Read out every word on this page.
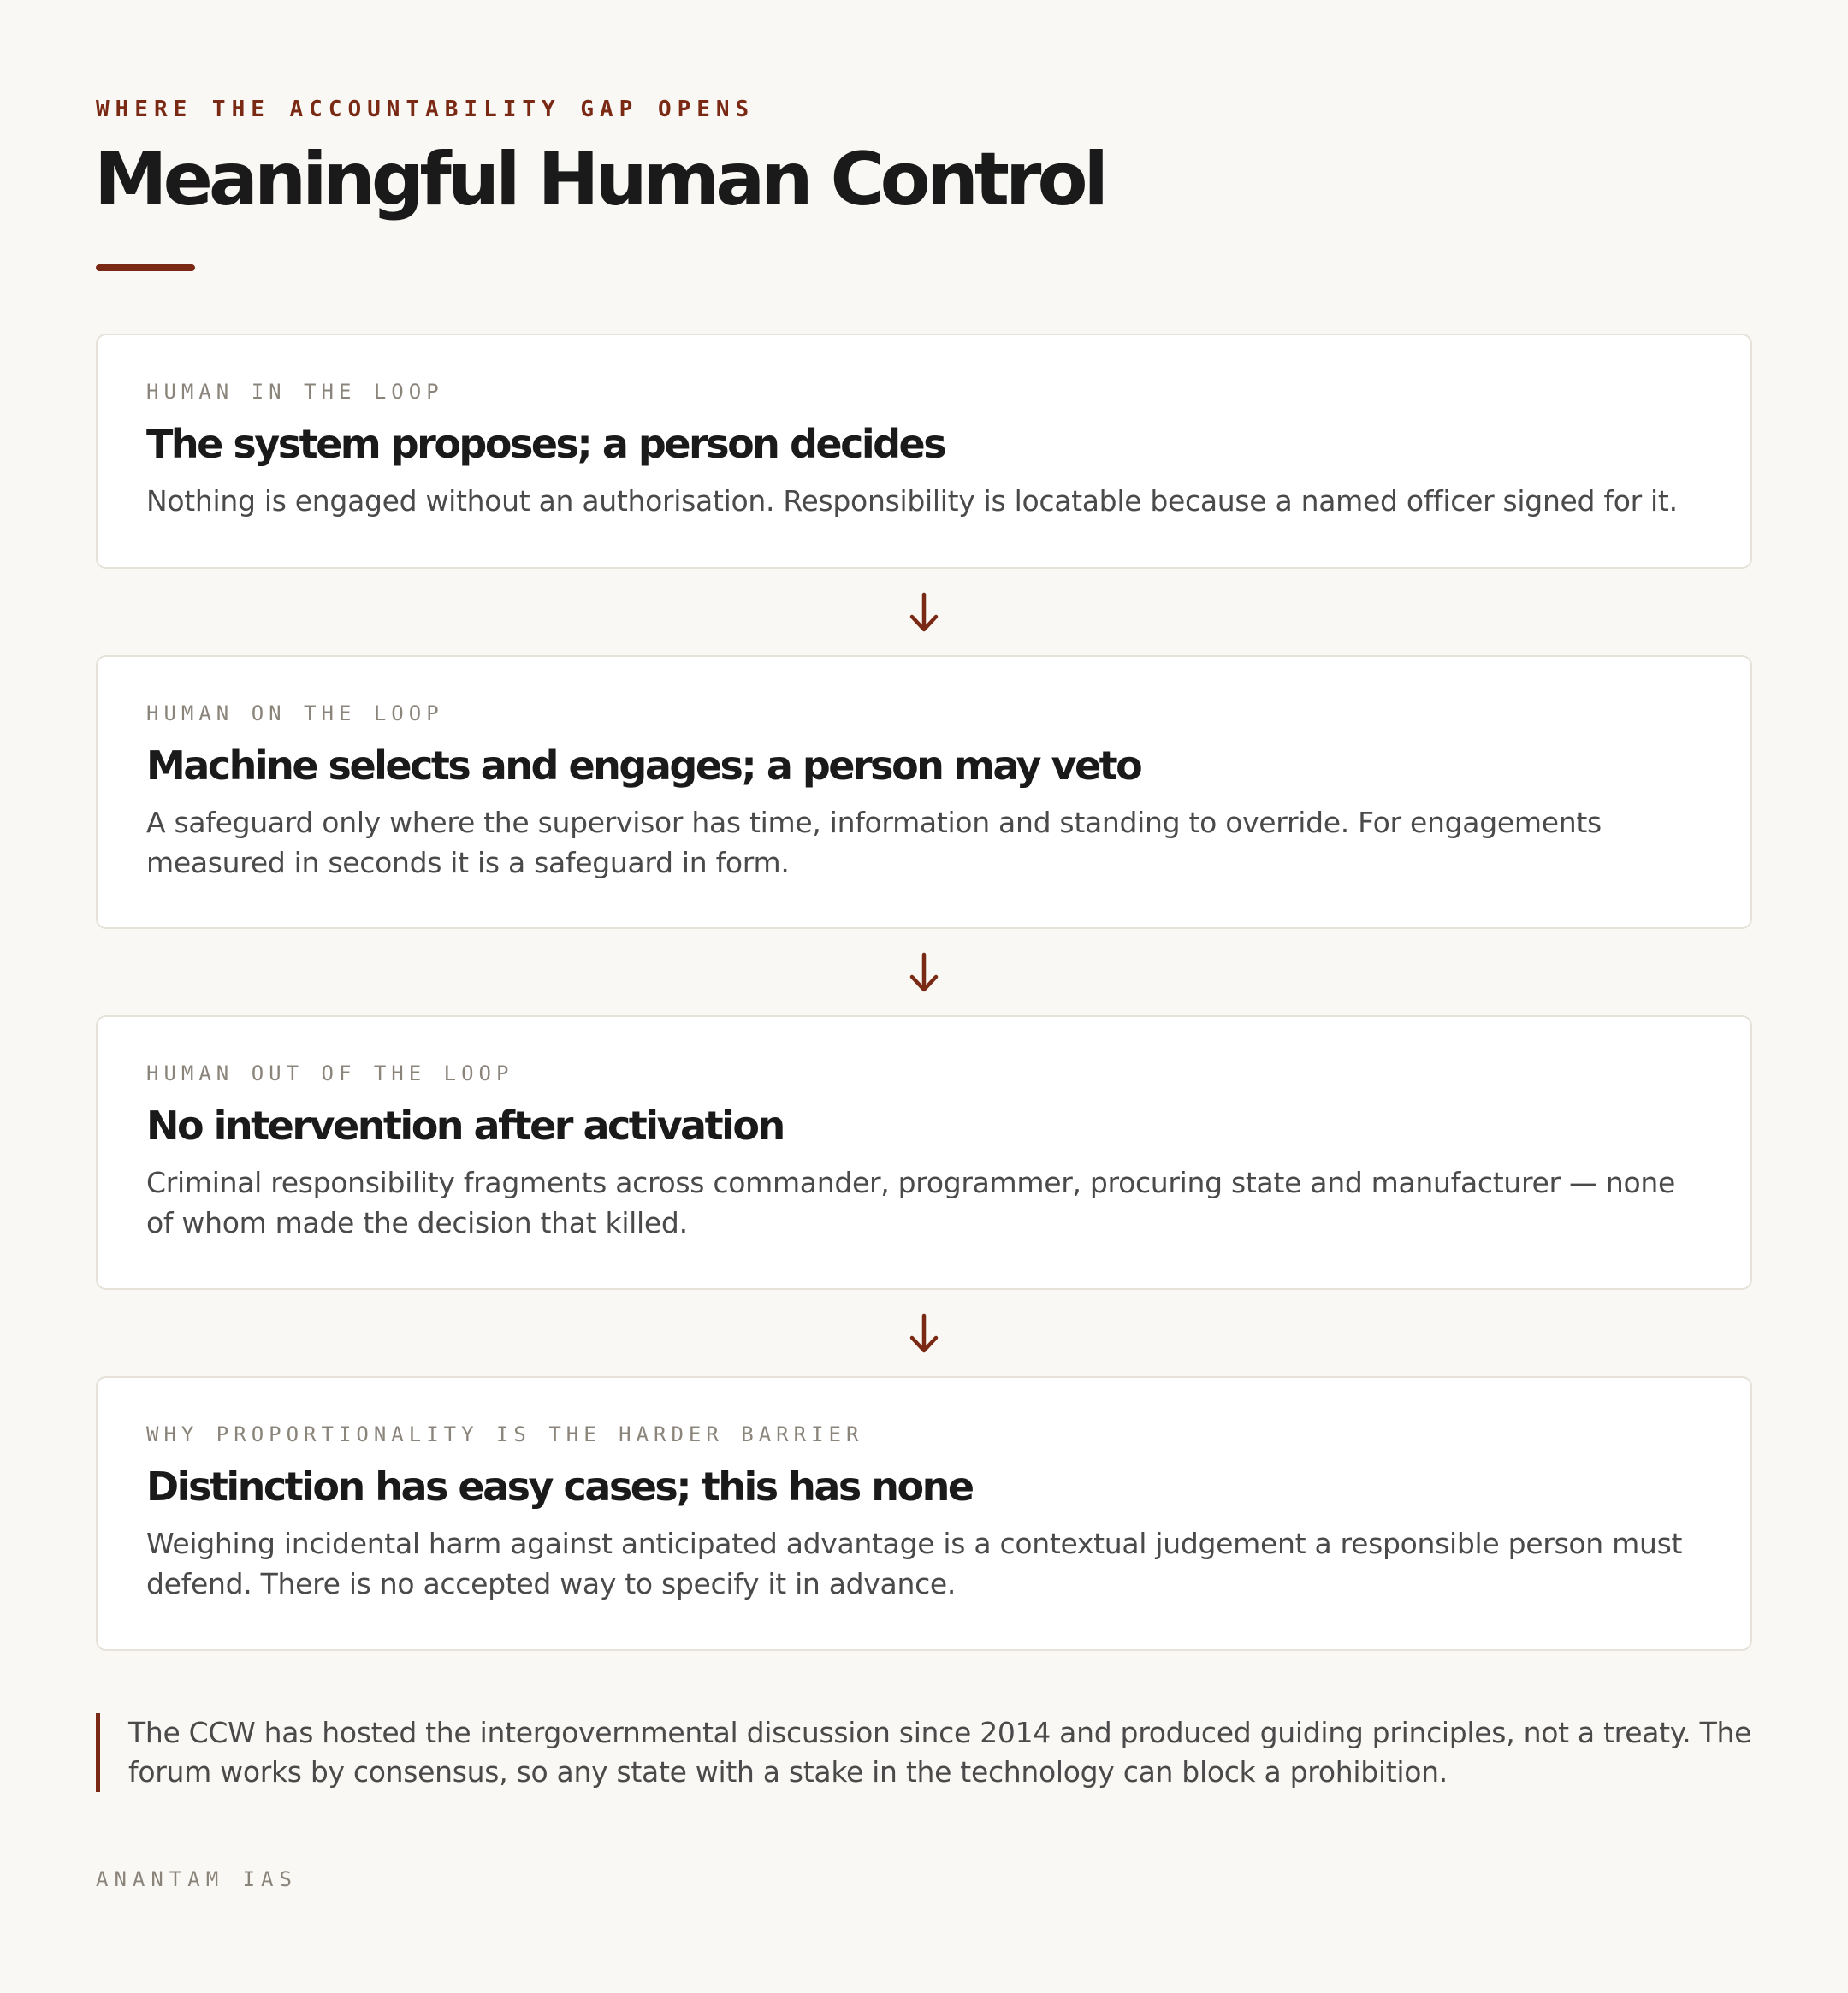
WHERE THE ACCOUNTABILITY GAP OPENS
Meaningful Human Control
HUMAN IN THE LOOP
The system proposes; a person decides

Nothing is engaged without an authorisation. Responsibility is locatable because a named officer signed for it.

HUMAN ON THE LOOP
Machine selects and engages; a person may veto

A safeguard only where the supervisor has time, information and standing to override. For engagements measured in seconds it is a safeguard in form.

HUMAN OUT OF THE LOOP
No intervention after activation

Criminal responsibility fragments across commander, programmer, procuring state and manufacturer — none of whom made the decision that killed.

WHY PROPORTIONALITY IS THE HARDER BARRIER
Distinction has easy cases; this has none

Weighing incidental harm against anticipated advantage is a contextual judgement a responsible person must defend. There is no accepted way to specify it in advance.

The CCW has hosted the intergovernmental discussion since 2014 and produced guiding principles, not a treaty. The forum works by consensus, so any state with a stake in the technology can block a prohibition.
ANANTAM IAS
